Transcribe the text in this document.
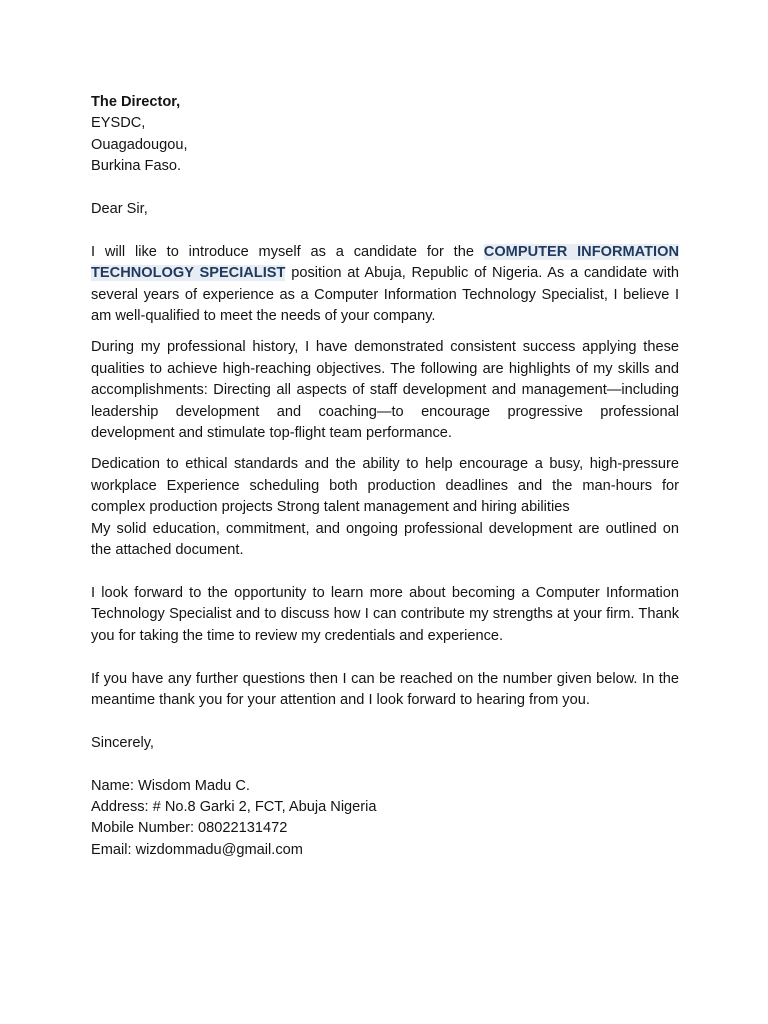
The Director,
EYSDC,
Ouagadougou,
Burkina Faso.
Dear Sir,

I will like to introduce myself as a candidate for the COMPUTER INFORMATION TECHNOLOGY SPECIALIST position at Abuja, Republic of Nigeria. As a candidate with several years of experience as a Computer Information Technology Specialist, I believe I am well-qualified to meet the needs of your company.

During my professional history, I have demonstrated consistent success applying these qualities to achieve high-reaching objectives. The following are highlights of my skills and accomplishments: Directing all aspects of staff development and management—including leadership development and coaching—to encourage progressive professional development and stimulate top-flight team performance.

Dedication to ethical standards and the ability to help encourage a busy, high-pressure workplace Experience scheduling both production deadlines and the man-hours for complex production projects Strong talent management and hiring abilities

My solid education, commitment, and ongoing professional development are outlined on the attached document.

I look forward to the opportunity to learn more about becoming a Computer Information Technology Specialist and to discuss how I can contribute my strengths at your firm. Thank you for taking the time to review my credentials and experience.

If you have any further questions then I can be reached on the number given below. In the meantime thank you for your attention and I look forward to hearing from you.

Sincerely,
Name: Wisdom Madu C.
Address: # No.8 Garki 2, FCT, Abuja Nigeria
Mobile Number: 08022131472
Email: wizdommadu@gmail.com
